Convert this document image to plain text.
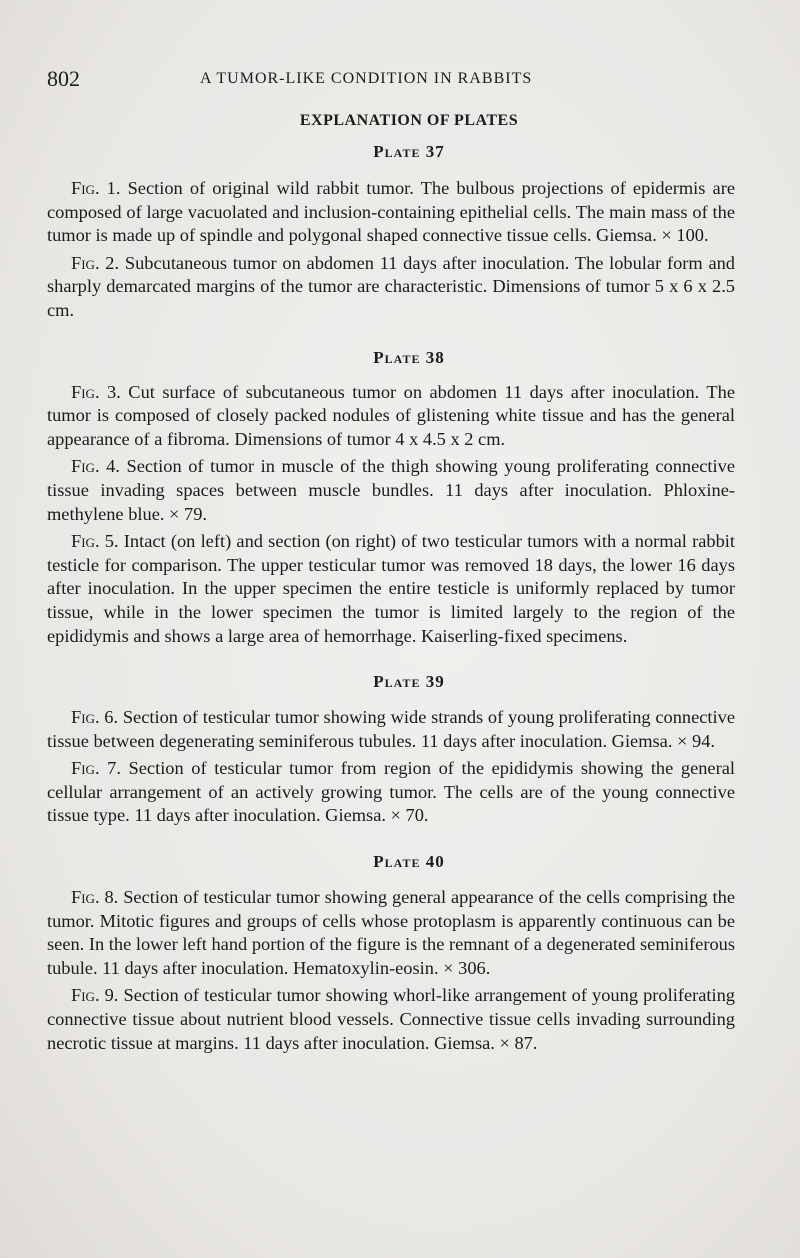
802	A TUMOR-LIKE CONDITION IN RABBITS
EXPLANATION OF PLATES
Plate 37

Fig. 1. Section of original wild rabbit tumor. The bulbous projections of epidermis are composed of large vacuolated and inclusion-containing epithelial cells. The main mass of the tumor is made up of spindle and polygonal shaped connective tissue cells. Giemsa. × 100.

Fig. 2. Subcutaneous tumor on abdomen 11 days after inoculation. The lobular form and sharply demarcated margins of the tumor are characteristic. Dimensions of tumor 5 x 6 x 2.5 cm.

Plate 38

Fig. 3. Cut surface of subcutaneous tumor on abdomen 11 days after inoculation. The tumor is composed of closely packed nodules of glistening white tissue and has the general appearance of a fibroma. Dimensions of tumor 4 x 4.5 x 2 cm.

Fig. 4. Section of tumor in muscle of the thigh showing young proliferating connective tissue invading spaces between muscle bundles. 11 days after inoculation. Phloxine-methylene blue. × 79.

Fig. 5. Intact (on left) and section (on right) of two testicular tumors with a normal rabbit testicle for comparison. The upper testicular tumor was removed 18 days, the lower 16 days after inoculation. In the upper specimen the entire testicle is uniformly replaced by tumor tissue, while in the lower specimen the tumor is limited largely to the region of the epididymis and shows a large area of hemorrhage. Kaiserling-fixed specimens.

Plate 39

Fig. 6. Section of testicular tumor showing wide strands of young proliferating connective tissue between degenerating seminiferous tubules. 11 days after inoculation. Giemsa. × 94.

Fig. 7. Section of testicular tumor from region of the epididymis showing the general cellular arrangement of an actively growing tumor. The cells are of the young connective tissue type. 11 days after inoculation. Giemsa. × 70.

Plate 40

Fig. 8. Section of testicular tumor showing general appearance of the cells comprising the tumor. Mitotic figures and groups of cells whose protoplasm is apparently continuous can be seen. In the lower left hand portion of the figure is the remnant of a degenerated seminiferous tubule. 11 days after inoculation. Hematoxylin-eosin. × 306.

Fig. 9. Section of testicular tumor showing whorl-like arrangement of young proliferating connective tissue about nutrient blood vessels. Connective tissue cells invading surrounding necrotic tissue at margins. 11 days after inoculation. Giemsa. × 87.
